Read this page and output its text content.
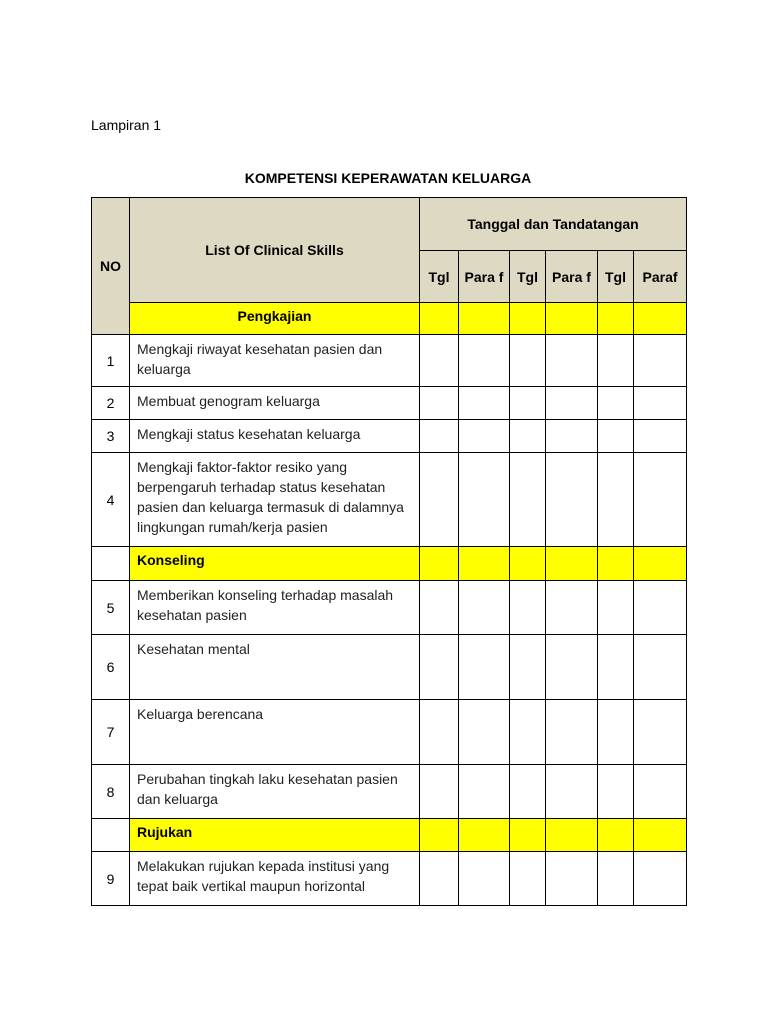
Lampiran 1
KOMPETENSI KEPERAWATAN KELUARGA
NO	List Of Clinical Skills	Tanggal dan Tandatangan					
		Tgl	Para f	Tgl	Para f	Tgl	Paraf
	Pengkajian						
1	Mengkaji riwayat kesehatan pasien dan keluarga						
2	Membuat genogram keluarga						
3	Mengkaji status kesehatan keluarga						
4	Mengkaji faktor-faktor resiko yang berpengaruh terhadap status kesehatan pasien dan keluarga termasuk di dalamnya lingkungan rumah/kerja pasien						
	Konseling						
5	Memberikan konseling terhadap masalah kesehatan pasien						
6	Kesehatan mental						
7	Keluarga berencana						
8	Perubahan tingkah laku kesehatan pasien dan keluarga						
	Rujukan						
9	Melakukan rujukan kepada institusi yang tepat baik vertikal maupun horizontal						
